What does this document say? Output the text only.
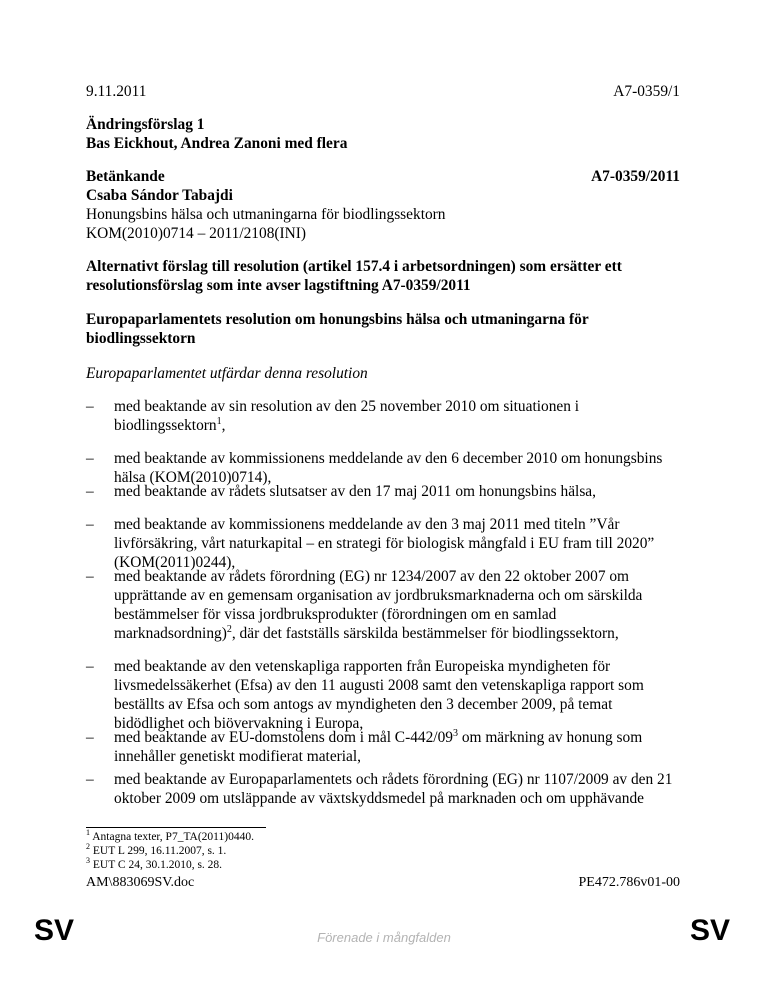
9.11.2011	A7-0359/1
Ändringsförslag 1
Bas Eickhout, Andrea Zanoni med flera
Betänkande	A7-0359/2011
Csaba Sándor Tabajdi
Honungsbins hälsa och utmaningarna för biodlingssektorn
KOM(2010)0714 – 2011/2108(INI)
Alternativt förslag till resolution (artikel 157.4 i arbetsordningen) som ersätter ett resolutionsförslag som inte avser lagstiftning A7-0359/2011
Europaparlamentets resolution om honungsbins hälsa och utmaningarna för biodlingssektorn
Europaparlamentet utfärdar denna resolution
–	med beaktande av sin resolution av den 25 november 2010 om situationen i biodlingssektorn$^1$,
–	med beaktande av kommissionens meddelande av den 6 december 2010 om honungsbins hälsa (KOM(2010)0714),
–	med beaktande av rådets slutsatser av den 17 maj 2011 om honungsbins hälsa,
–	med beaktande av kommissionens meddelande av den 3 maj 2011 med titeln ”Vår livförsäkring, vårt naturkapital – en strategi för biologisk mångfald i EU fram till 2020” (KOM(2011)0244),
–	med beaktande av rådets förordning (EG) nr 1234/2007 av den 22 oktober 2007 om upprättande av en gemensam organisation av jordbruksmarknaderna och om särskilda bestämmelser för vissa jordbruksprodukter (förordningen om en samlad marknadsordning)$^2$, där det fastställs särskilda bestämmelser för biodlingssektorn,
–	med beaktande av den vetenskapliga rapporten från Europeiska myndigheten för livsmedelssäkerhet (Efsa) av den 11 augusti 2008 samt den vetenskapliga rapport som beställts av Efsa och som antogs av myndigheten den 3 december 2009, på temat bidödlighet och biövervakning i Europa,
–	med beaktande av EU-domstolens dom i mål $C-442/09^3$ om märkning av honung som innehåller genetiskt modifierat material,
–	med beaktande av Europaparlamentets och rådets förordning (EG) nr 1107/2009 av den 21 oktober 2009 om utsläppande av växtskyddsmedel på marknaden och om upphävande
$^1$ Antagna texter, P7_TA(2011)0440.
$^2$ EUT L 299, 16.11.2007, s. 1.
$^3$ EUT C 24, 30.1.2010, s. 28.
AM\883069SV.doc	PE472.786v01-00
SV	Förenade i mångfalden	SV
